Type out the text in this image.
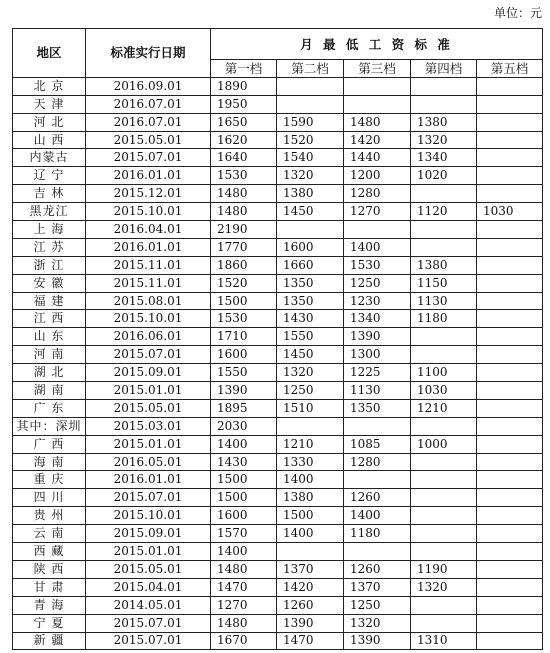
单位：元
地区	标准实行日期	月 最 低 工 资 标 准				
		第一档	第二档	第三档	第四档	第五档
北 京	2016.09.01	1890				
天 津	2016.07.01	1950				
河 北	2016.07.01	1650	1590	1480	1380	
山 西	2015.05.01	1620	1520	1420	1320	
内蒙古	2015.07.01	1640	1540	1440	1340	
辽 宁	2016.01.01	1530	1320	1200	1020	
吉 林	2015.12.01	1480	1380	1280		
黑龙江	2015.10.01	1480	1450	1270	1120	1030
上 海	2016.04.01	2190				
江 苏	2016.01.01	1770	1600	1400		
浙 江	2015.11.01	1860	1660	1530	1380	
安 徽	2015.11.01	1520	1350	1250	1150	
福 建	2015.08.01	1500	1350	1230	1130	
江 西	2015.10.01	1530	1430	1340	1180	
山 东	2016.06.01	1710	1550	1390		
河 南	2015.07.01	1600	1450	1300		
湖 北	2015.09.01	1550	1320	1225	1100	
湖 南	2015.01.01	1390	1250	1130	1030	
广 东	2015.05.01	1895	1510	1350	1210	
其中：深圳	2015.03.01	2030				
广 西	2015.01.01	1400	1210	1085	1000	
海 南	2016.05.01	1430	1330	1280		
重 庆	2016.01.01	1500	1400			
四 川	2015.07.01	1500	1380	1260		
贵 州	2015.10.01	1600	1500	1400		
云 南	2015.09.01	1570	1400	1180		
西 藏	2015.01.01	1400				
陕 西	2015.05.01	1480	1370	1260	1190	
甘 肃	2015.04.01	1470	1420	1370	1320	
青 海	2014.05.01	1270	1260	1250		
宁 夏	2015.07.01	1480	1390	1320		
新 疆	2015.07.01	1670	1470	1390	1310	
